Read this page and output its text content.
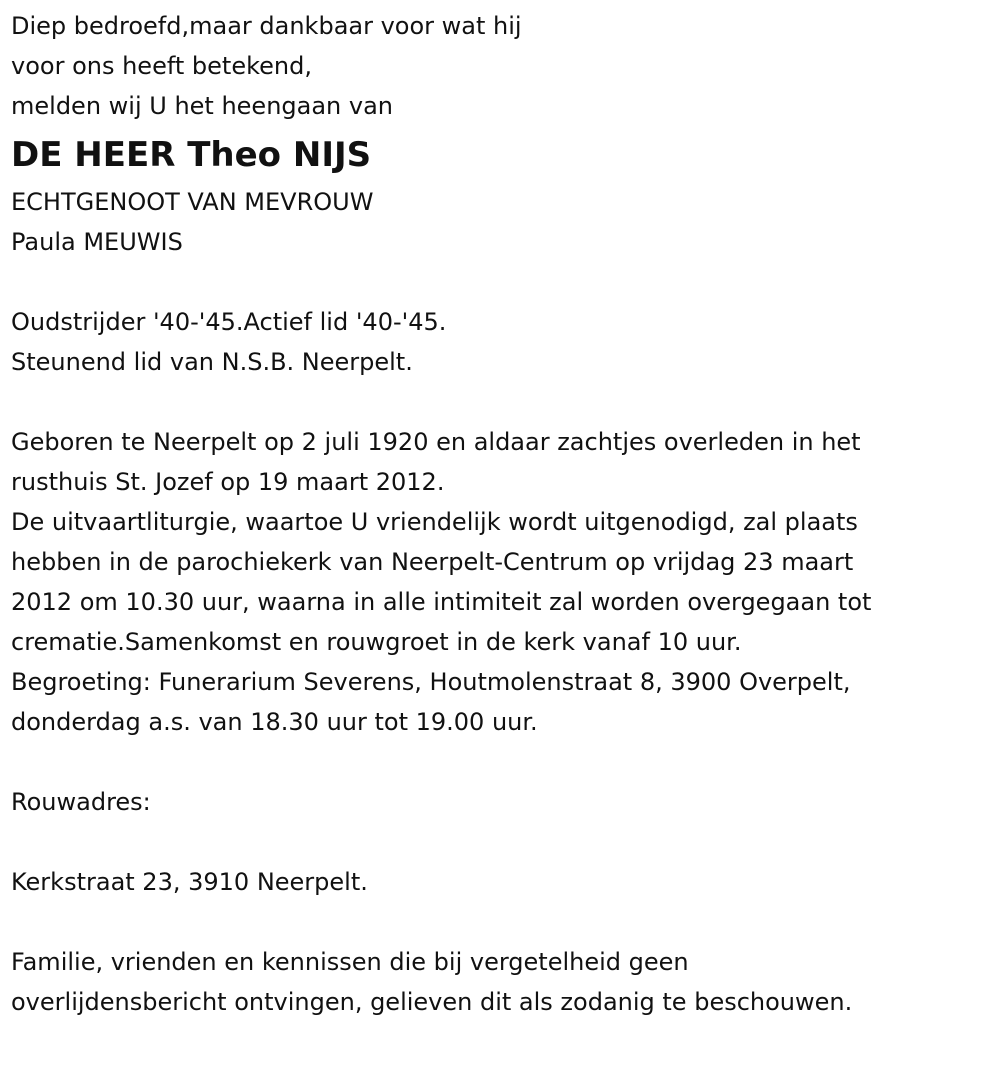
Diep bedroefd,maar dankbaar voor wat hij
voor ons heeft betekend,
melden wij U het heengaan van
DE HEER Theo NIJS
ECHTGENOOT VAN MEVROUW
Paula MEUWIS
Oudstrijder '40-'45.Actief lid '40-'45.
Steunend lid van N.S.B. Neerpelt.
Geboren te Neerpelt op 2 juli 1920 en aldaar zachtjes overleden in het
rusthuis St. Jozef op 19 maart 2012.
De uitvaartliturgie, waartoe U vriendelijk wordt uitgenodigd, zal plaats
hebben in de parochiekerk van Neerpelt-Centrum op vrijdag 23 maart
2012 om 10.30 uur, waarna in alle intimiteit zal worden overgegaan tot
crematie.Samenkomst en rouwgroet in de kerk vanaf 10 uur.
Begroeting: Funerarium Severens, Houtmolenstraat 8, 3900 Overpelt,
donderdag a.s. van 18.30 uur tot 19.00 uur.
Rouwadres:
Kerkstraat 23, 3910 Neerpelt.
Familie, vrienden en kennissen die bij vergetelheid geen
overlijdensbericht ontvingen, gelieven dit als zodanig te beschouwen.
